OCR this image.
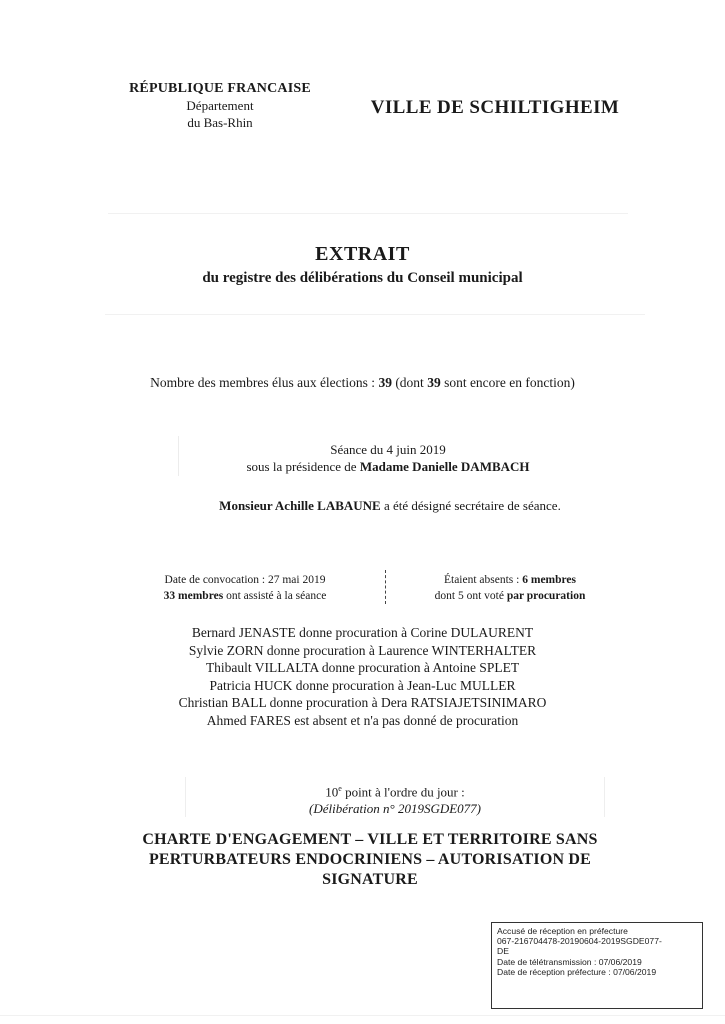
RÉPUBLIQUE FRANCAISE
Département
du Bas-Rhin
VILLE DE SCHILTIGHEIM
EXTRAIT
du registre des délibérations du Conseil municipal
Nombre des membres élus aux élections : 39 (dont 39 sont encore en fonction)
Séance du 4 juin 2019
sous la présidence de Madame Danielle DAMBACH
Monsieur Achille LABAUNE a été désigné secrétaire de séance.
Date de convocation : 27 mai 2019
33 membres ont assisté à la séance
Étaient absents : 6 membres
dont 5 ont voté par procuration
Bernard JENASTE donne procuration à Corine DULAURENT
Sylvie ZORN donne procuration à Laurence WINTERHALTER
Thibault VILLALTA donne procuration à Antoine SPLET
Patricia HUCK donne procuration à Jean-Luc MULLER
Christian BALL donne procuration à Dera RATSIAJETSINIMARO
Ahmed FARES est absent et n'a pas donné de procuration
10e point à l'ordre du jour :
(Délibération n° 2019SGDE077)
CHARTE D'ENGAGEMENT – VILLE ET TERRITOIRE SANS
PERTURBATEURS ENDOCRINIENS – AUTORISATION DE
SIGNATURE
Accusé de réception en préfecture
067-216704478-20190604-2019SGDE077-
DE
Date de télétransmission : 07/06/2019
Date de réception préfecture : 07/06/2019
